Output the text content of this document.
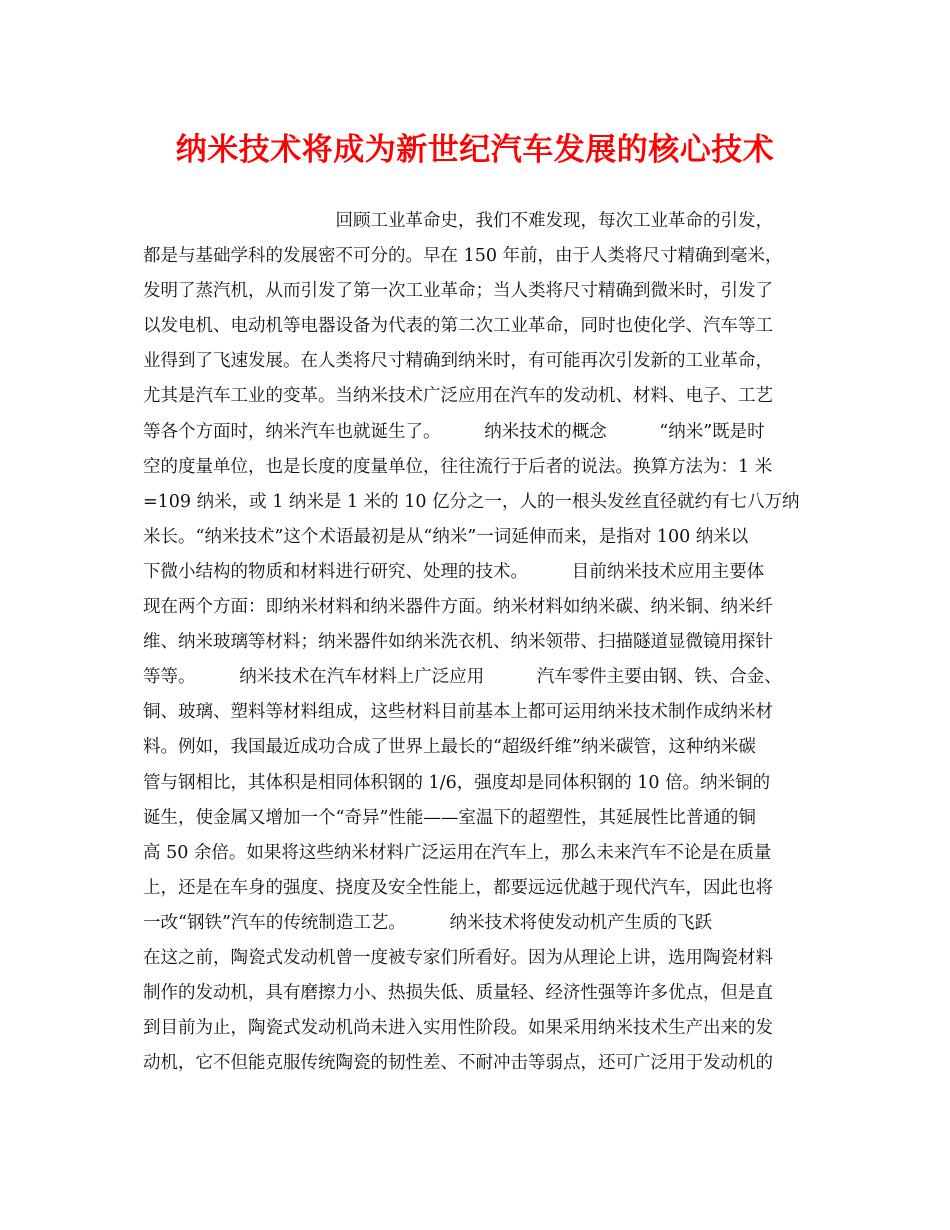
纳米技术将成为新世纪汽车发展的核心技术
　　　　　　　　　　　回顾工业革命史，我们不难发现，每次工业革命的引发，
都是与基础学科的发展密不可分的。早在 150 年前，由于人类将尺寸精确到毫米，
发明了蒸汽机，从而引发了第一次工业革命；当人类将尺寸精确到微米时，引发了
以发电机、电动机等电器设备为代表的第二次工业革命，同时也使化学、汽车等工
业得到了飞速发展。在人类将尺寸精确到纳米时，有可能再次引发新的工业革命，
尤其是汽车工业的变革。当纳米技术广泛应用在汽车的发动机、材料、电子、工艺
等各个方面时，纳米汽车也就诞生了。　　　纳米技术的概念　　　“纳米”既是时
空的度量单位，也是长度的度量单位，往往流行于后者的说法。换算方法为：1 米
=109 纳米，或 1 纳米是 1 米的 10 亿分之一，人的一根头发丝直径就约有七八万纳
米长。“纳米技术”这个术语最初是从“纳米”一词延伸而来，是指对 100 纳米以
下微小结构的物质和材料进行研究、处理的技术。　　　目前纳米技术应用主要体
现在两个方面：即纳米材料和纳米器件方面。纳米材料如纳米碳、纳米铜、纳米纤
维、纳米玻璃等材料；纳米器件如纳米洗衣机、纳米领带、扫描隧道显微镜用探针
等等。　　　纳米技术在汽车材料上广泛应用　　　汽车零件主要由钢、铁、合金、
铜、玻璃、塑料等材料组成，这些材料目前基本上都可运用纳米技术制作成纳米材
料。例如，我国最近成功合成了世界上最长的“超级纤维”纳米碳管，这种纳米碳
管与钢相比，其体积是相同体积钢的 1/6，强度却是同体积钢的 10 倍。纳米铜的
诞生，使金属又增加一个“奇异”性能——室温下的超塑性，其延展性比普通的铜
高 50 余倍。如果将这些纳米材料广泛运用在汽车上，那么未来汽车不论是在质量
上，还是在车身的强度、挠度及安全性能上，都要远远优越于现代汽车，因此也将
一改“钢铁”汽车的传统制造工艺。　　　纳米技术将使发动机产生质的飞跃
在这之前，陶瓷式发动机曾一度被专家们所看好。因为从理论上讲，选用陶瓷材料
制作的发动机，具有磨擦力小、热损失低、质量轻、经济性强等许多优点，但是直
到目前为止，陶瓷式发动机尚未进入实用性阶段。如果采用纳米技术生产出来的发
动机，它不但能克服传统陶瓷的韧性差、不耐冲击等弱点，还可广泛用于发动机的
